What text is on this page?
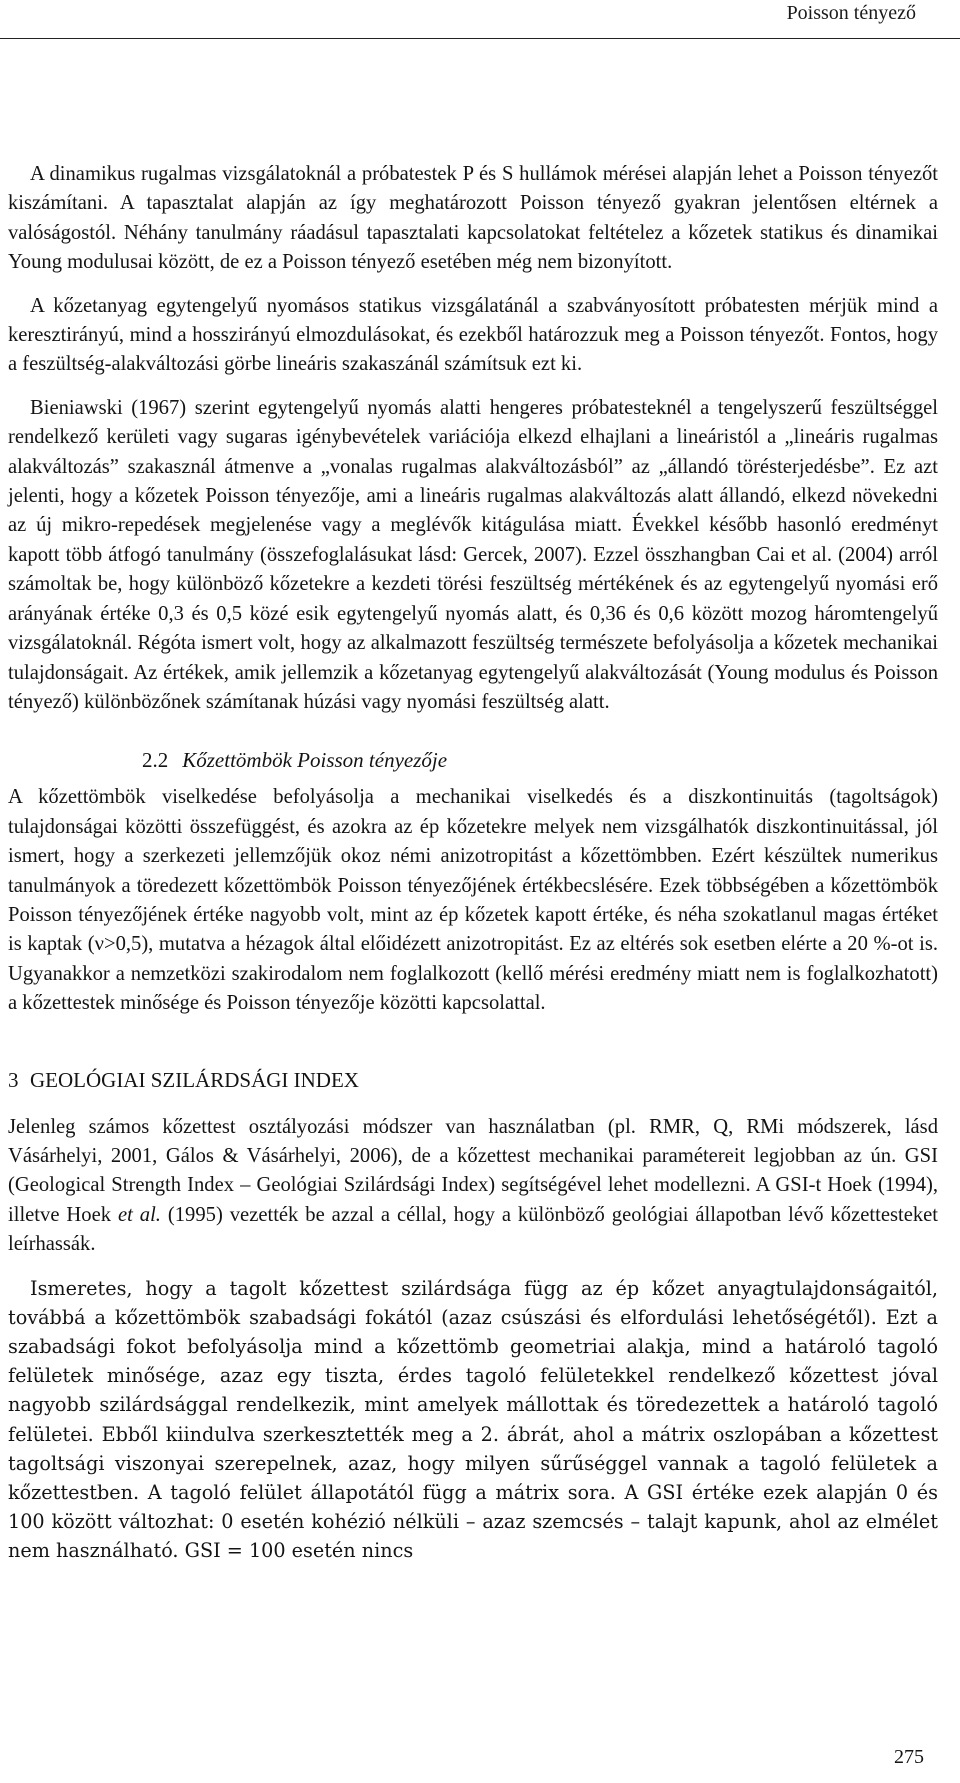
Poisson tényező

A dinamikus rugalmas vizsgálatoknál a próbatestek P és S hullámok mérései alapján lehet a Poisson tényezőt kiszámítani. A tapasztalat alapján az így meghatározott Poisson tényező gyakran jelentősen eltérnek a valóságostól. Néhány tanulmány ráadásul tapasztalati kapcsolatokat feltételez a kőzetek statikus és dinamikai Young modulusai között, de ez a Poisson tényező esetében még nem bizonyított.

A kőzetanyag egytengelyű nyomásos statikus vizsgálatánál a szabványosított próbatesten mérjük mind a keresztirányú, mind a hosszirányú elmozdulásokat, és ezekből határozzuk meg a Poisson tényezőt. Fontos, hogy a feszültség-alakváltozási görbe lineáris szakaszánál számítsuk ezt ki.

Bieniawski (1967) szerint egytengelyű nyomás alatti hengeres próbatesteknél a tengelyszerű feszültséggel rendelkező kerületi vagy sugaras igénybevételek variációja elkezd elhajlani a lineáristól a „lineáris rugalmas alakváltozás” szakasznál átmenve a „vonalas rugalmas alakváltozásból” az „állandó törésterjedésbe”. Ez azt jelenti, hogy a kőzetek Poisson tényezője, ami a lineáris rugalmas alakváltozás alatt állandó, elkezd növekedni az új mikro-repedések megjelenése vagy a meglévők kitágulása miatt. Évekkel később hasonló eredményt kapott több átfogó tanulmány (összefoglalásukat lásd: Gercek, 2007). Ezzel összhangban Cai et al. (2004) arról számoltak be, hogy különböző kőzetekre a kezdeti törési feszültség mértékének és az egytengelyű nyomási erő arányának értéke 0,3 és 0,5 közé esik egytengelyű nyomás alatt, és 0,36 és 0,6 között mozog háromtengelyű vizsgálatoknál. Régóta ismert volt, hogy az alkalmazott feszültség természete befolyásolja a kőzetek mechanikai tulajdonságait. Az értékek, amik jellemzik a kőzetanyag egytengelyű alakváltozását (Young modulus és Poisson tényező) különbözőnek számítanak húzási vagy nyomási feszültség alatt.

2.2 Kőzettömbök Poisson tényezője

A kőzettömbök viselkedése befolyásolja a mechanikai viselkedés és a diszkontinuitás (tagoltságok) tulajdonságai közötti összefüggést, és azokra az ép kőzetekre melyek nem vizsgálhatók diszkontinuitással, jól ismert, hogy a szerkezeti jellemzőjük okoz némi anizotropitást a kőzettömbben. Ezért készültek numerikus tanulmányok a töredezett kőzettömbök Poisson tényezőjének értékbecslésére. Ezek többségében a kőzettömbök Poisson tényezőjének értéke nagyobb volt, mint az ép kőzetek kapott értéke, és néha szokatlanul magas értéket is kaptak (ν>0,5), mutatva a hézagok által előidézett anizotropitást. Ez az eltérés sok esetben elérte a 20 %-ot is. Ugyanakkor a nemzetközi szakirodalom nem foglalkozott (kellő mérési eredmény miatt nem is foglalkozhatott) a kőzettestek minősége és Poisson tényezője közötti kapcsolattal.

3 GEOLÓGIAI SZILÁRDSÁGI INDEX

Jelenleg számos kőzettest osztályozási módszer van használatban (pl. RMR, Q, RMi módszerek, lásd Vásárhelyi, 2001, Gálos & Vásárhelyi, 2006), de a kőzettest mechanikai paramétereit legjobban az ún. GSI (Geological Strength Index – Geológiai Szilárdsági Index) segítségével lehet modellezni. A GSI-t Hoek (1994), illetve Hoek et al. (1995) vezették be azzal a céllal, hogy a különböző geológiai állapotban lévő kőzettesteket leírhassák.

Ismeretes, hogy a tagolt kőzettest szilárdsága függ az ép kőzet anyagtulajdonságaitól, továbbá a kőzettömbök szabadsági fokától (azaz csúszási és elfordulási lehetőségétől). Ezt a szabadsági fokot befolyásolja mind a kőzettömb geometriai alakja, mind a határoló tagoló felületek minősége, azaz egy tiszta, érdes tagoló felületekkel rendelkező kőzettest jóval nagyobb szilárdsággal rendelkezik, mint amelyek mállottak és töredezettek a határoló tagoló felületei. Ebből kiindulva szerkesztették meg a 2. ábrát, ahol a mátrix oszlopában a kőzettest tagoltsági viszonyai szerepelnek, azaz, hogy milyen sűrűséggel vannak a tagoló felületek a kőzettestben. A tagoló felület állapotától függ a mátrix sora. A GSI értéke ezek alapján 0 és 100 között változhat: 0 esetén kohézió nélküli – azaz szemcsés – talajt kapunk, ahol az elmélet nem használható. GSI = 100 esetén nincs

275
